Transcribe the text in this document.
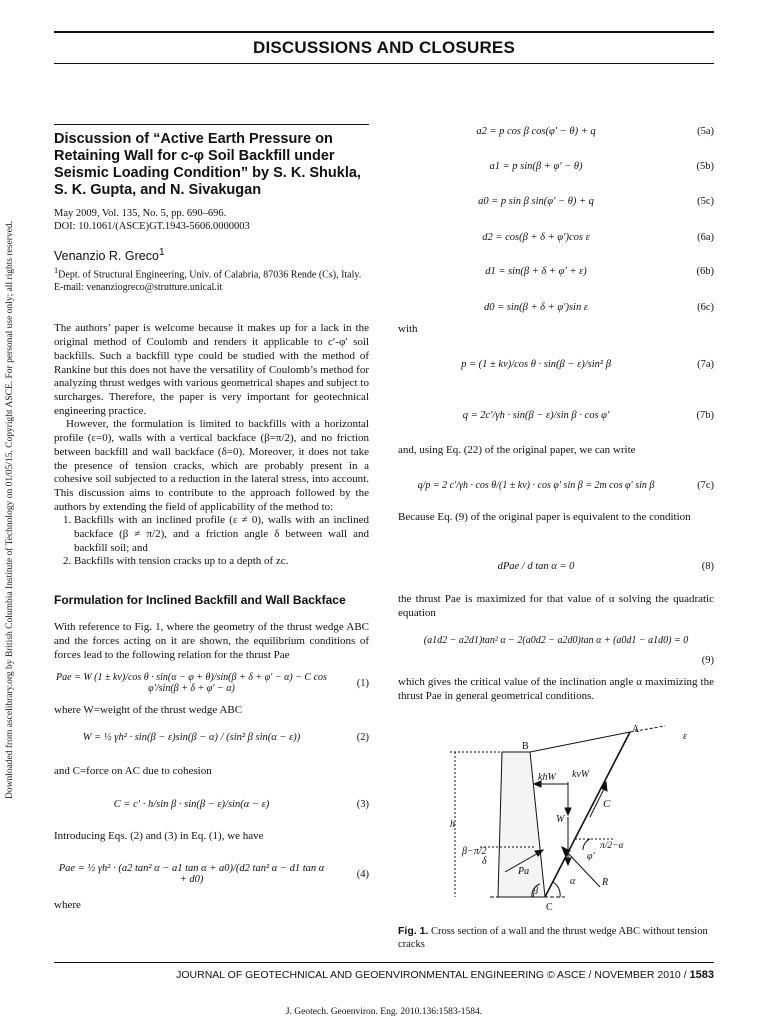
Downloaded from ascelibrary.org by British Columbia Institute of Technology on 01/05/15. Copyright ASCE. For personal use only; all rights reserved.
DISCUSSIONS AND CLOSURES
Discussion of “Active Earth Pressure on Retaining Wall for c-φ Soil Backfill under Seismic Loading Condition” by S. K. Shukla, S. K. Gupta, and N. Sivakugan
May 2009, Vol. 135, No. 5, pp. 690–696.
DOI: 10.1061/(ASCE)GT.1943-5606.0000003
Venanzio R. Greco$^1$
$^1$Dept. of Structural Engineering, Univ. of Calabria, 87036 Rende (Cs), Italy. E-mail: venanziogreco@strutture.unical.it

The authors’ paper is welcome because it makes up for a lack in the original method of Coulomb and renders it applicable to c′-φ′ soil backfills. Such a backfill type could be studied with the method of Rankine but this does not have the versatility of Coulomb’s method for analyzing thrust wedges with various geometrical shapes and subject to surcharges. Therefore, the paper is very important for geotechnical engineering practice.

However, the formulation is limited to backfills with a horizontal profile (ε=0), walls with a vertical backface (β=π/2), and no friction between backfill and wall backface (δ=0). Moreover, it does not take the presence of tension cracks, which are probably present in a cohesive soil subjected to a reduction in the lateral stress, into account. This discussion aims to contribute to the approach followed by the authors by extending the field of applicability of the method to:

1. Backfills with an inclined profile (ε ≠ 0), walls with an inclined backface (β ≠ π/2), and a friction angle δ between wall and backfill soil; and
2. Backfills with tension cracks up to a depth of zc.
Formulation for Inclined Backfill and Wall Backface

With reference to Fig. 1, where the geometry of the thrust wedge ABC and the forces acting on it are shown, the equilibrium conditions of forces lead to the following relation for the thrust Pae

Pae = W (1 ± kv)/cos θ · sin(α − φ + θ)/sin(β + δ + φ′ − α) − C cos φ′/sin(β + δ + φ′ − α)	(1)

where W=weight of the thrust wedge ABC

W = ½ γh² · sin(β − ε)sin(β − α) / (sin² β sin(α − ε))	(2)

and C=force on AC due to cohesion

C = c′ · h/sin β · sin(β − ε)/sin(α − ε)	(3)

Introducing Eqs. (2) and (3) in Eq. (1), we have

Pae = ½ γh² · (a2 tan² α − a1 tan α + a0)/(d2 tan² α − d1 tan α + d0)	(4)

where

a2 = p cos β cos(φ′ − θ) + q	(5a)
a1 = p sin(β + φ′ − θ)	(5b)
a0 = p sin β sin(φ′ − θ) + q	(5c)
d2 = cos(β + δ + φ′)cos ε	(6a)
d1 = sin(β + δ + φ′ + ε)	(6b)
d0 = sin(β + δ + φ′)sin ε	(6c)

with

p = (1 ± kv)/cos θ · sin(β − ε)/sin² β	(7a)
q = 2c′/γh · sin(β − ε)/sin β · cos φ′	(7b)

and, using Eq. (22) of the original paper, we can write

q/p = 2 c′/γh · cos θ/(1 ± kv) · cos φ′ sin β = 2m cos φ′ sin β	(7c)

Because Eq. (9) of the original paper is equivalent to the condition

dPae / d tan α = 0	(8)

the thrust Pae is maximized for that value of α solving the quadratic equation

(a1d2 − a2d1)tan² α − 2(a0d2 − a2d0)tan α + (a0d1 − a1d0) = 0
(9)

which gives the critical value of the inclination angle α maximizing the thrust Pae in general geometrical conditions.

A
B
C
ε
h
khW kvW
W
C
β−π/2
δ
Pa
β
α
π/2−α
φ'
R
Fig. 1. Cross section of a wall and the thrust wedge ABC without tension cracks
JOURNAL OF GEOTECHNICAL AND GEOENVIRONMENTAL ENGINEERING © ASCE / NOVEMBER 2010 / 1583
J. Geotech. Geoenviron. Eng. 2010.136:1583-1584.
